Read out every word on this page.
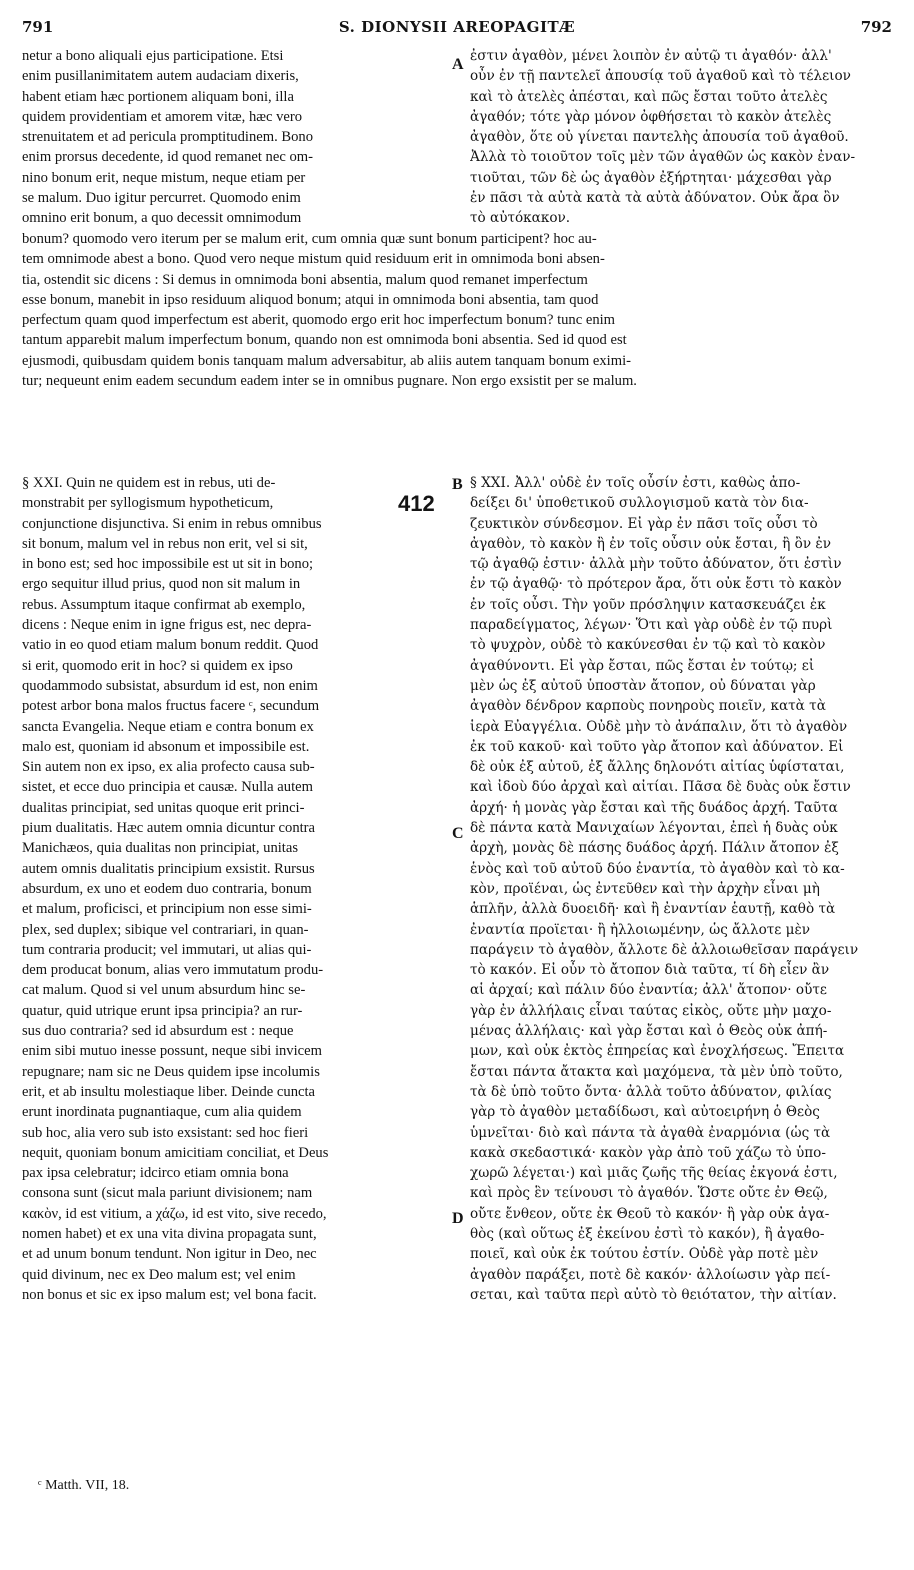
791	S. DIONYSII AREOPAGITÆ	792
netur a bono aliquali ejus participatione. Etsi
enim pusillanimitatem autem audaciam dixeris,
habent etiam hæc portionem aliquam boni, illa
quidem providentiam et amorem vitæ, hæc vero
strenuitatem et ad pericula promptitudinem. Bono
enim prorsus decedente, id quod remanet nec om-
nino bonum erit, neque mistum, neque etiam per
se malum. Duo igitur percurret. Quomodo enim
omnino erit bonum, a quo decessit omnimodum
A ἐστιν ἀγαθὸν, μένει λοιπὸν ἐν αὐτῷ τι ἀγαθόν· ἀλλ'
οὖν ἐν τῇ παντελεῖ ἀπουσίᾳ τοῦ ἀγαθοῦ καὶ τὸ τέλειον
καὶ τὸ ἀτελὲς ἀπέσται, καὶ πῶς ἔσται τοῦτο ἀτελὲς
ἀγαθόν; τότε γὰρ μόνον ὀφθήσεται τὸ κακὸν ἀτελὲς
ἀγαθὸν, ὅτε οὐ γίνεται παντελὴς ἀπουσία τοῦ ἀγαθοῦ.
Ἀλλὰ τὸ τοιοῦτον τοῖς μὲν τῶν ἀγαθῶν ὡς κακὸν ἐναν-
τιοῦται, τῶν δὲ ὡς ἀγαθὸν ἐξήρτηται· μάχεσθαι γὰρ
ἐν πᾶσι τὰ αὐτὰ κατὰ τὰ αὐτὰ ἀδύνατον. Οὐκ ἄρα ὂν
τὸ αὐτόκακον.
bonum? quomodo vero iterum per se malum erit, cum omnia quæ sunt bonum participent? hoc au-
tem omnimode abest a bono. Quod vero neque mistum quid residuum erit in omnimoda boni absen-
tia, ostendit sic dicens : Si demus in omnimoda boni absentia, malum quod remanet imperfectum
esse bonum, manebit in ipso residuum aliquod bonum; atqui in omnimoda boni absentia, tam quod
perfectum quam quod imperfectum est aberit, quomodo ergo erit hoc imperfectum bonum? tunc enim
tantum apparebit malum imperfectum bonum, quando non est omnimoda boni absentia. Sed id quod est
ejusmodi, quibusdam quidem bonis tanquam malum adversabitur, ab aliis autem tanquam bonum eximi-
tur; nequeunt enim eadem secundum eadem inter se in omnibus pugnare. Non ergo exsistit per se malum.
§ XXI. Quin ne quidem est in rebus, uti de-
monstrabit per syllogismum hypotheticum,
conjunctione disjunctiva. Si enim in rebus omnibus
sit bonum, malum vel in rebus non erit, vel si sit,
in bono est; sed hoc impossibile est ut sit in bono;
ergo sequitur illud prius, quod non sit malum in
rebus. Assumptum itaque confirmat ab exemplo,
dicens : Neque enim in igne frigus est, nec depra-
vatio in eo quod etiam malum bonum reddit. Quod
si erit, quomodo erit in hoc? si quidem ex ipso
quodammodo subsistat, absurdum id est, non enim
potest arbor bona malos fructus facere ᶜ, secundum
sancta Evangelia. Neque etiam e contra bonum ex
malo est, quoniam id absonum et impossibile est.
Sin autem non ex ipso, ex alia profecto causa sub-
sistet, et ecce duo principia et causæ. Nulla autem
dualitas principiat, sed unitas quoque erit princi-
pium dualitatis. Hæc autem omnia dicuntur contra
Manichæos, quia dualitas non principiat, unitas
autem omnis dualitatis principium exsistit. Rursus
absurdum, ex uno et eodem duo contraria, bonum
et malum, proficisci, et principium non esse simi-
plex, sed duplex; sibique vel contrariari, in quan-
tum contraria producit; vel immutari, ut alias qui-
dem producat bonum, alias vero immutatum produ-
cat malum. Quod si vel unum absurdum hinc se-
quatur, quid utrique erunt ipsa principia? an rur-
sus duo contraria? sed id absurdum est : neque
enim sibi mutuo inesse possunt, neque sibi invicem
repugnare; nam sic ne Deus quidem ipse incolumis
erit, et ab insultu molestiaque liber. Deinde cuncta
erunt inordinata pugnantiaque, cum alia quidem
sub hoc, alia vero sub isto exsistant: sed hoc fieri
nequit, quoniam bonum amicitiam conciliat, et Deus
pax ipsa celebratur; idcirco etiam omnia bona
consona sunt (sicut mala pariunt divisionem; nam
κακὸν, id est vitium, a χάζω, id est vito, sive recedo,
nomen habet) et ex una vita divina propagata sunt,
et ad unum bonum tendunt. Non igitur in Deo, nec
quid divinum, nec ex Deo malum est; vel enim
non bonus et sic ex ipso malum est; vel bona facit.
412
B
C
D
§ XXI. Ἀλλ' οὐδὲ ἐν τοῖς οὖσίν ἐστι, καθὼς ἀπο-
δείξει δι' ὑποθετικοῦ συλλογισμοῦ κατὰ τὸν δια-
ζευκτικὸν σύνδεσμον. Εἰ γὰρ ἐν πᾶσι τοῖς οὖσι τὸ
ἀγαθὸν, τὸ κακὸν ἢ ἐν τοῖς οὖσιν οὐκ ἔσται, ἢ ὂν ἐν
τῷ ἀγαθῷ ἐστιν· ἀλλὰ μὴν τοῦτο ἀδύνατον, ὅτι ἐστὶν
ἐν τῷ ἀγαθῷ· τὸ πρότερον ἄρα, ὅτι οὐκ ἔστι τὸ κακὸν
ἐν τοῖς οὖσι. Τὴν γοῦν πρόσληψιν κατασκευάζει ἐκ
παραδείγματος, λέγων· Ὅτι καὶ γὰρ οὐδὲ ἐν τῷ πυρὶ
τὸ ψυχρὸν, οὐδὲ τὸ κακύνεσθαι ἐν τῷ καὶ τὸ κακὸν
ἀγαθύνοντι. Εἰ γὰρ ἔσται, πῶς ἔσται ἐν τούτῳ; εἰ
μὲν ὡς ἐξ αὐτοῦ ὑποστὰν ἄτοπον, οὐ δύναται γὰρ
ἀγαθὸν δένδρον καρποὺς πονηροὺς ποιεῖν, κατὰ τὰ
ἱερὰ Εὐαγγέλια. Οὐδὲ μὴν τὸ ἀνάπαλιν, ὅτι τὸ ἀγαθὸν
ἐκ τοῦ κακοῦ· καὶ τοῦτο γὰρ ἄτοπον καὶ ἀδύνατον. Εἰ
δὲ οὐκ ἐξ αὐτοῦ, ἐξ ἄλλης δηλονότι αἰτίας ὑφίσταται,
καὶ ἰδοὺ δύο ἀρχαὶ καὶ αἰτίαι. Πᾶσα δὲ δυὰς οὐκ ἔστιν
ἀρχή· ἡ μονὰς γὰρ ἔσται καὶ τῆς δυάδος ἀρχή. Ταῦτα
δὲ πάντα κατὰ Μανιχαίων λέγονται, ἐπεὶ ἡ δυὰς οὐκ
ἀρχὴ, μονὰς δὲ πάσης δυάδος ἀρχή. Πάλιν ἄτοπον ἐξ
ἑνὸς καὶ τοῦ αὐτοῦ δύο ἐναντία, τὸ ἀγαθὸν καὶ τὸ κα-
κὸν, προϊέναι, ὡς ἐντεῦθεν καὶ τὴν ἀρχὴν εἶναι μὴ
ἁπλῆν, ἀλλὰ δυοειδῆ· καὶ ἢ ἐναντίαν ἑαυτῇ, καθὸ τὰ
ἐναντία προϊεται· ἢ ἠλλοιωμένην, ὡς ἄλλοτε μὲν
παράγειν τὸ ἀγαθὸν, ἄλλοτε δὲ ἀλλοιωθεῖσαν παράγειν
τὸ κακόν. Εἰ οὖν τὸ ἄτοπον διὰ ταῦτα, τί δὴ εἶεν ἂν
αἱ ἀρχαί; καὶ πάλιν δύο ἐναντία; ἀλλ' ἄτοπον· οὔτε
γὰρ ἐν ἀλλήλαις εἶναι ταύτας εἰκὸς, οὔτε μὴν μαχο-
μένας ἀλλήλαις· καὶ γὰρ ἔσται καὶ ὁ Θεὸς οὐκ ἀπή-
μων, καὶ οὐκ ἐκτὸς ἐπηρείας καὶ ἐνοχλήσεως. Ἔπειτα
ἔσται πάντα ἄτακτα καὶ μαχόμενα, τὰ μὲν ὑπὸ τοῦτο,
τὰ δὲ ὑπὸ τοῦτο ὄντα· ἀλλὰ τοῦτο ἀδύνατον, φιλίας
γὰρ τὸ ἀγαθὸν μεταδίδωσι, καὶ αὐτοειρήνη ὁ Θεὸς
ὑμνεῖται· διὸ καὶ πάντα τὰ ἀγαθὰ ἐναρμόνια (ὡς τὰ
κακὰ σκεδαστικά· κακὸν γὰρ ἀπὸ τοῦ χάζω τὸ ὑπο-
χωρῶ λέγεται·) καὶ μιᾶς ζωῆς τῆς θείας ἐκγονά ἐστι,
καὶ πρὸς ἓν τείνουσι τὸ ἀγαθόν. Ὥστε οὔτε ἐν Θεῷ,
οὔτε ἔνθεον, οὔτε ἐκ Θεοῦ τὸ κακόν· ἢ γὰρ οὐκ ἀγα-
θὸς (καὶ οὕτως ἐξ ἐκείνου ἐστὶ τὸ κακόν), ἢ ἀγαθο-
ποιεῖ, καὶ οὐκ ἐκ τούτου ἐστίν. Οὐδὲ γὰρ ποτὲ μὲν
ἀγαθὸν παράξει, ποτὲ δὲ κακόν· ἀλλοίωσιν γὰρ πεί-
σεται, καὶ ταῦτα περὶ αὐτὸ τὸ θειότατον, τὴν αἰτίαν.
ᶜ Matth. VII, 18.
